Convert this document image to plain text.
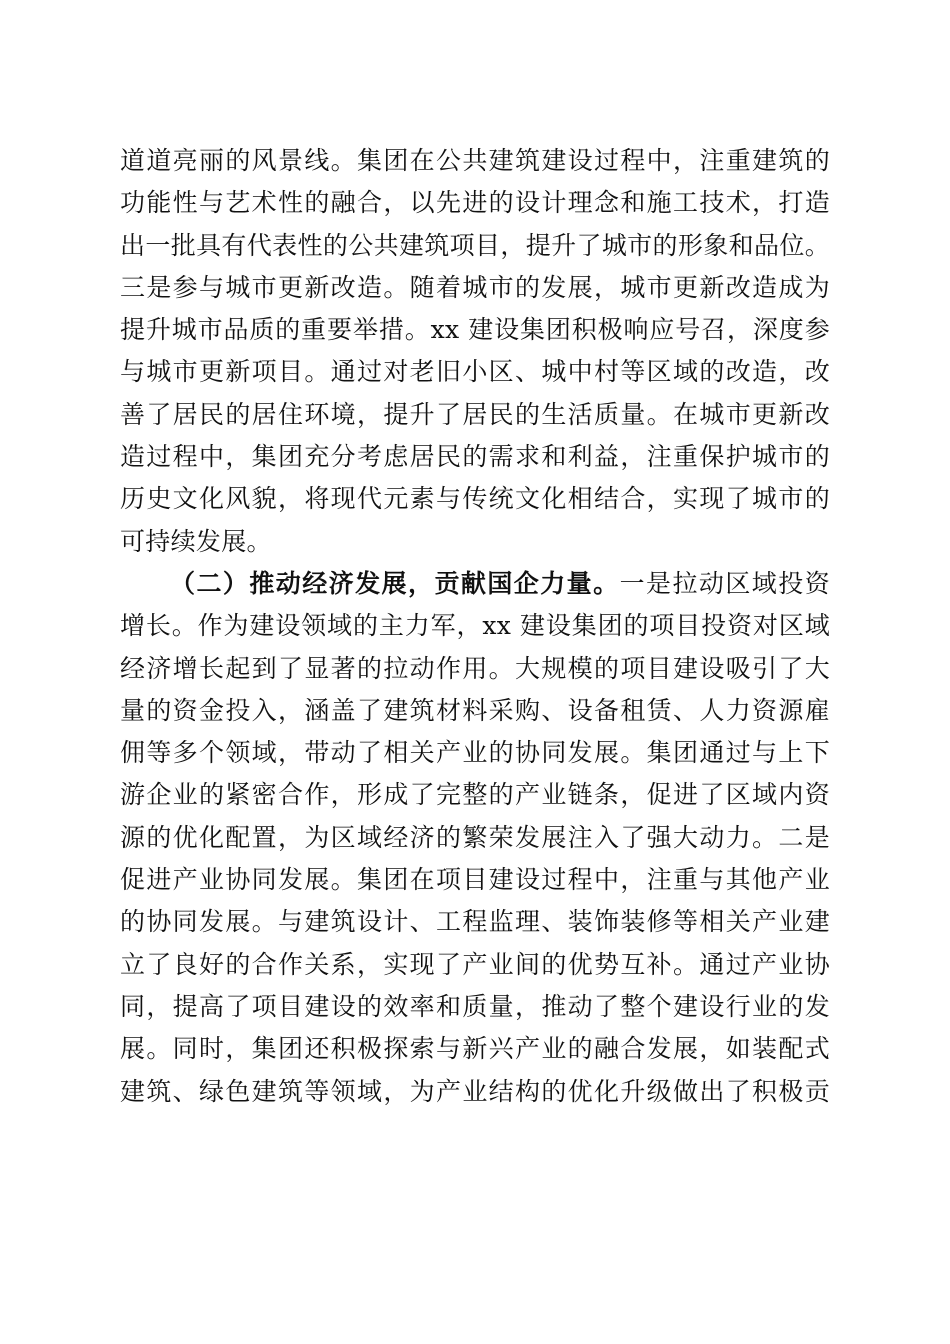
道道亮丽的风景线。集团在公共建筑建设过程中，注重建筑的
功能性与艺术性的融合，以先进的设计理念和施工技术，打造
出一批具有代表性的公共建筑项目，提升了城市的形象和品位。
三是参与城市更新改造。随着城市的发展，城市更新改造成为
提升城市品质的重要举措。xx 建设集团积极响应号召，深度参
与城市更新项目。通过对老旧小区、城中村等区域的改造，改
善了居民的居住环境，提升了居民的生活质量。在城市更新改
造过程中，集团充分考虑居民的需求和利益，注重保护城市的
历史文化风貌，将现代元素与传统文化相结合，实现了城市的
可持续发展。
（二）推动经济发展，贡献国企力量。一是拉动区域投资
增长。作为建设领域的主力军，xx 建设集团的项目投资对区域
经济增长起到了显著的拉动作用。大规模的项目建设吸引了大
量的资金投入，涵盖了建筑材料采购、设备租赁、人力资源雇
佣等多个领域，带动了相关产业的协同发展。集团通过与上下
游企业的紧密合作，形成了完整的产业链条，促进了区域内资
源的优化配置，为区域经济的繁荣发展注入了强大动力。二是
促进产业协同发展。集团在项目建设过程中，注重与其他产业
的协同发展。与建筑设计、工程监理、装饰装修等相关产业建
立了良好的合作关系，实现了产业间的优势互补。通过产业协
同，提高了项目建设的效率和质量，推动了整个建设行业的发
展。同时，集团还积极探索与新兴产业的融合发展，如装配式
建筑、绿色建筑等领域，为产业结构的优化升级做出了积极贡
